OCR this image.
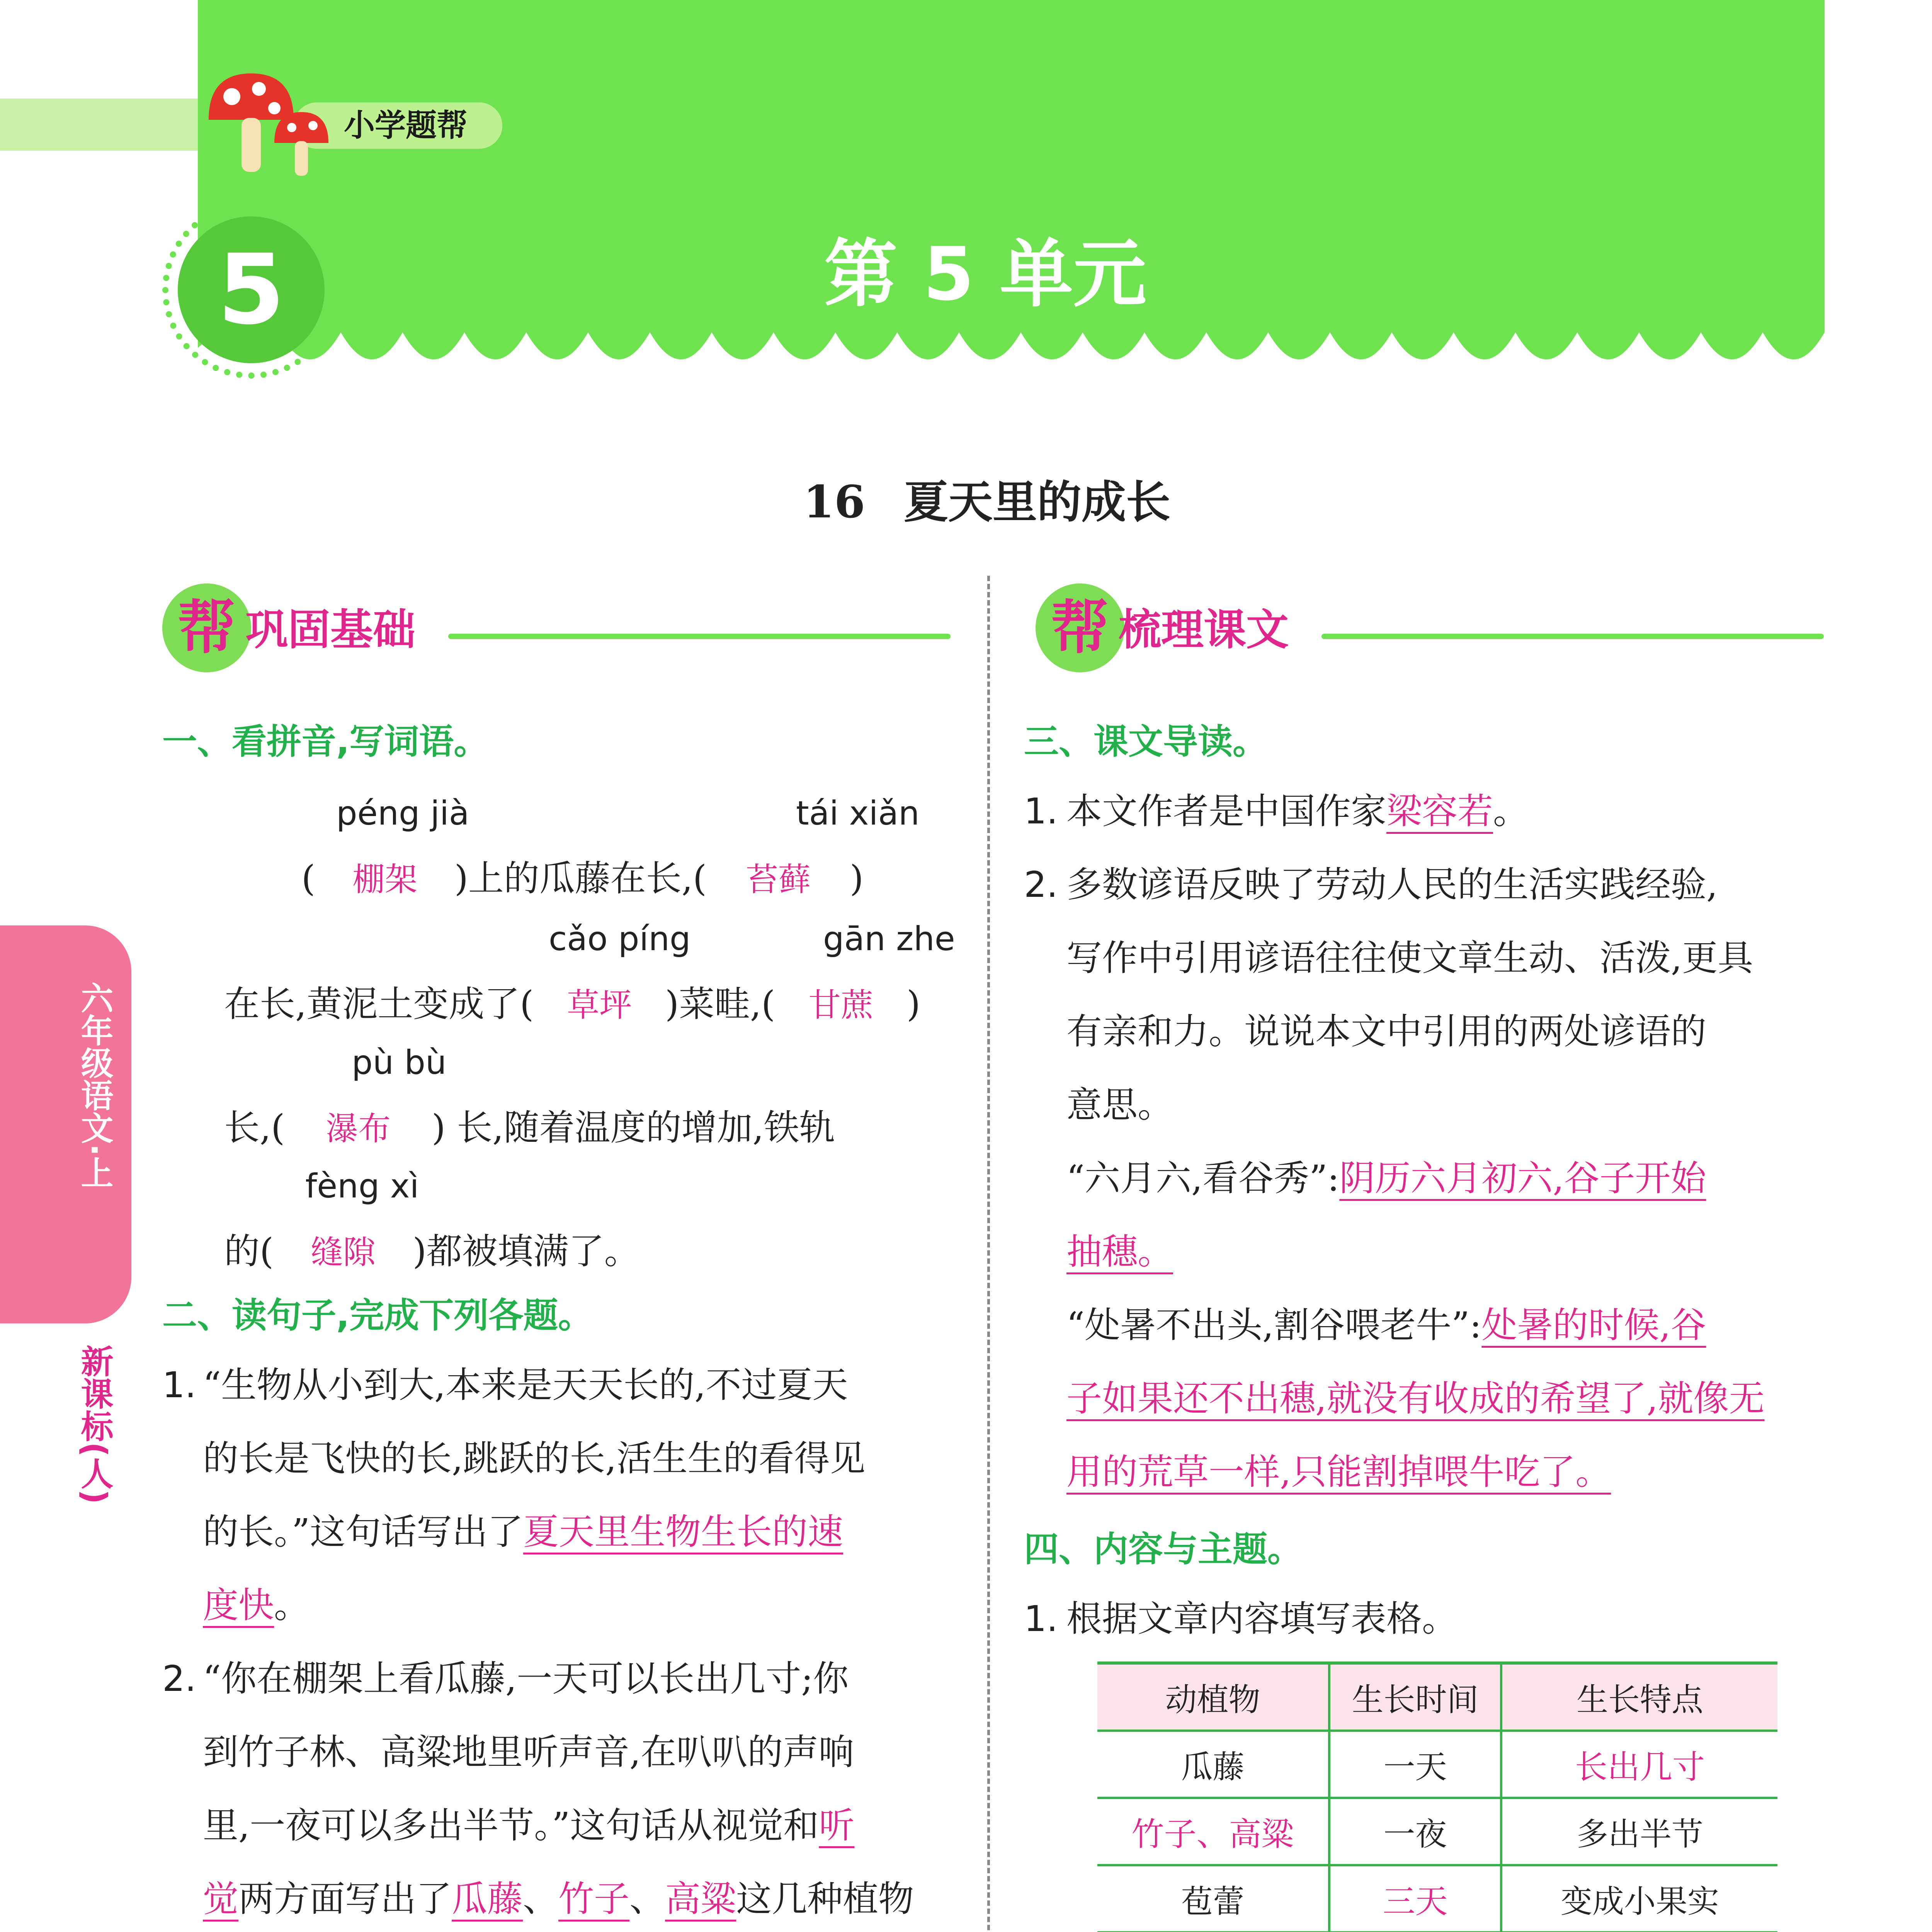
小学题帮
5	第 5 单元
16 夏天里的成长
六年级语文·上
新课标(人)
帮 巩固基础
一、看拼音,写词语。
péng jià	tái xiǎn
( 棚架 )上的瓜藤在长,( 苔藓 )
cǎo píng	gān zhe
在长,黄泥土变成了( 草坪 )菜畦,( 甘蔗 )
pù bù
长,( 瀑布 ) 长,随着温度的增加,铁轨
fèng xì
的( 缝隙 )都被填满了。
二、读句子,完成下列各题。
1. “生物从小到大,本来是天天长的,不过夏天
的长是飞快的长,跳跃的长,活生生的看得见
的长。”这句话写出了夏天里生物生长的速
度快。
2. “你在棚架上看瓜藤,一天可以长出几寸;你
到竹子林、高粱地里听声音,在叭叭的声响
里,一夜可以多出半节。”这句话从视觉和听
觉两方面写出了瓜藤、竹子、高粱这几种植物
帮 梳理课文
三、课文导读。
1. 本文作者是中国作家梁容若。
2. 多数谚语反映了劳动人民的生活实践经验,
写作中引用谚语往往使文章生动、活泼,更具
有亲和力。说说本文中引用的两处谚语的
意思。
“六月六,看谷秀”:阴历六月初六,谷子开始
抽穗。
“处暑不出头,割谷喂老牛”:处暑的时候,谷
子如果还不出穗,就没有收成的希望了,就像无
用的荒草一样,只能割掉喂牛吃了。
四、内容与主题。
1. 根据文章内容填写表格。
动植物	生长时间	生长特点
瓜藤	一天	长出几寸
竹子、高粱	一夜	多出半节
苞蕾	三天	变成小果实
